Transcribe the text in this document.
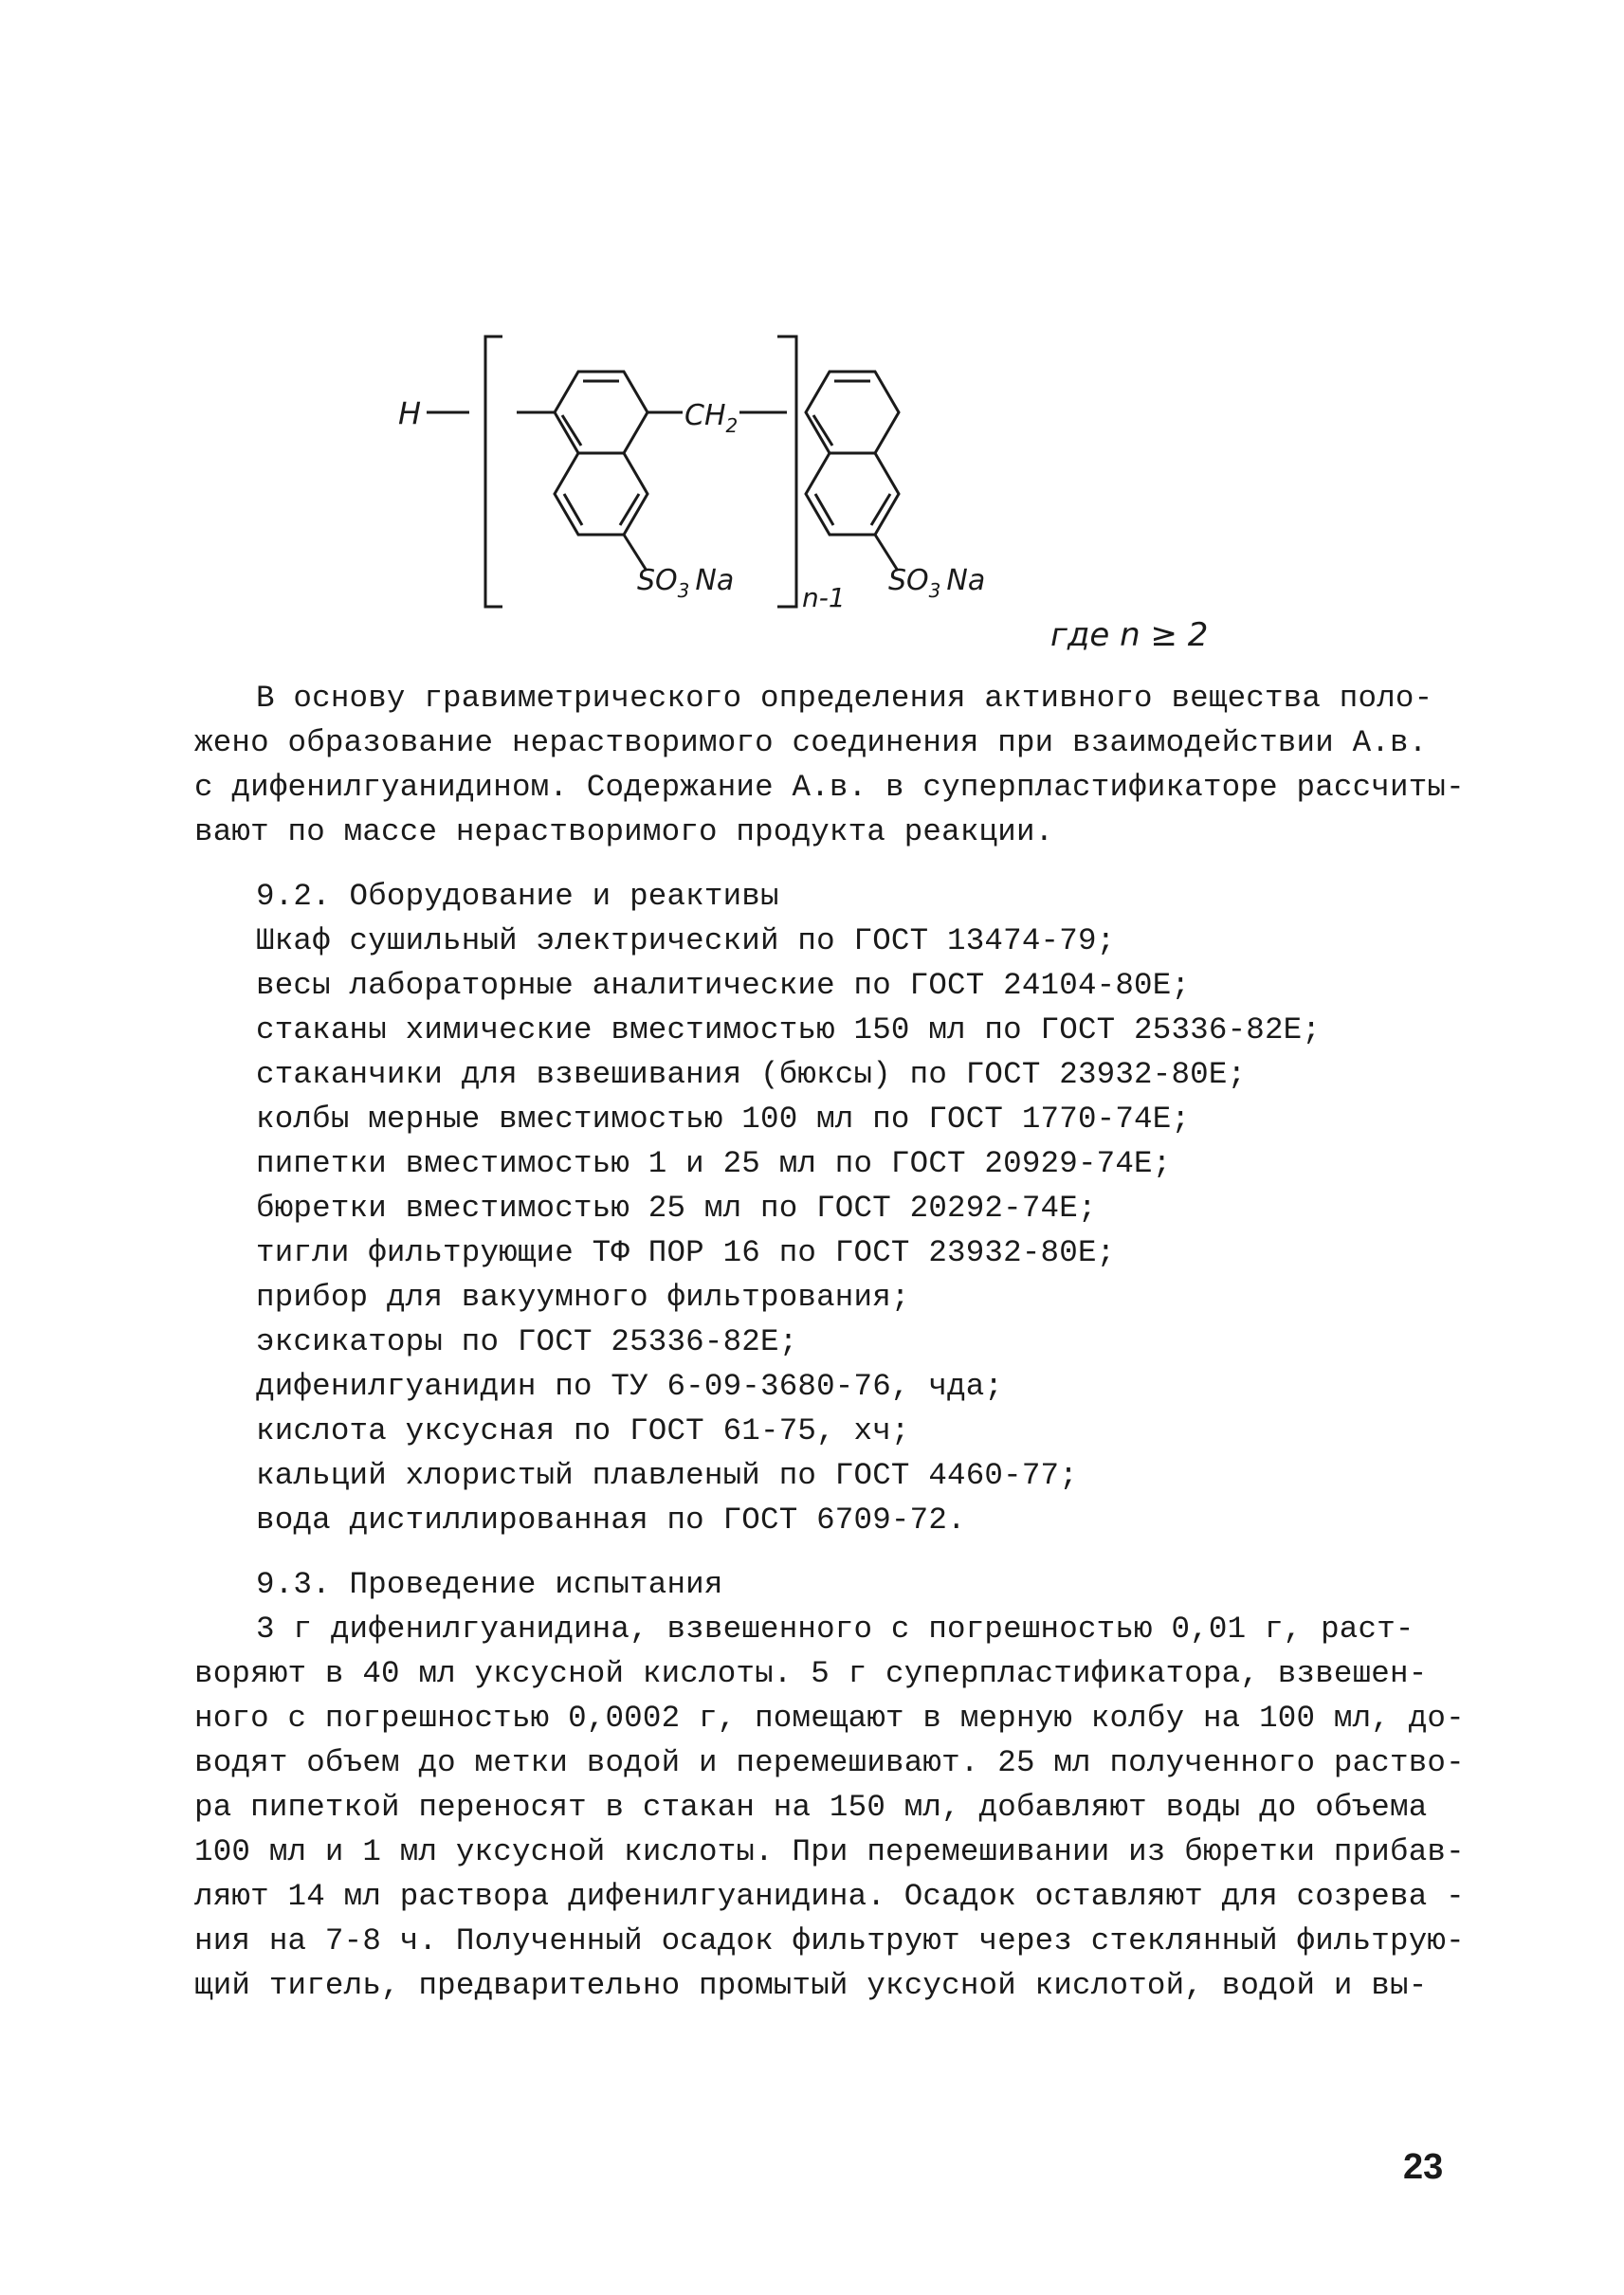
H	$CH_2$
$SO_3$ Na	$SO_3$ Na
n-1
где n ≥ 2
В основу гравиметрического определения активного вещества поло-
жено образование нерастворимого соединения при взаимодействии А.в.
с дифенилгуанидином. Содержание А.в. в суперпластификаторе рассчиты-
вают по массе нерастворимого продукта реакции.
9.2. Оборудование и реактивы
Шкаф сушильный электрический по ГОСТ 13474-79;
весы лабораторные аналитические по ГОСТ 24104-80Е;
стаканы химические вместимостью 150 мл по ГОСТ 25336-82Е;
стаканчики для взвешивания (бюксы) по ГОСТ 23932-80Е;
колбы мерные вместимостью 100 мл по ГОСТ 1770-74Е;
пипетки вместимостью 1 и 25 мл по ГОСТ 20929-74Е;
бюретки вместимостью 25 мл по ГОСТ 20292-74Е;
тигли фильтрующие ТФ ПОР 16 по ГОСТ 23932-80Е;
прибор для вакуумного фильтрования;
эксикаторы по ГОСТ 25336-82Е;
дифенилгуанидин по ТУ 6-09-3680-76, чда;
кислота уксусная по ГОСТ 61-75, хч;
кальций хлористый плавленый по ГОСТ 4460-77;
вода дистиллированная по ГОСТ 6709-72.
9.3. Проведение испытания
3 г дифенилгуанидина, взвешенного с погрешностью 0,01 г, раст-
воряют в 40 мл уксусной кислоты. 5 г суперпластификатора, взвешен-
ного с погрешностью 0,0002 г, помещают в мерную колбу на 100 мл, до-
водят объем до метки водой и перемешивают. 25 мл полученного раство-
ра пипеткой переносят в стакан на 150 мл, добавляют воды до объема
100 мл и 1 мл уксусной кислоты. При перемешивании из бюретки прибав-
ляют 14 мл раствора дифенилгуанидина. Осадок оставляют для созрева -
ния на 7-8 ч. Полученный осадок фильтруют через стеклянный фильтрую-
щий тигель, предварительно промытый уксусной кислотой, водой и вы-
23
